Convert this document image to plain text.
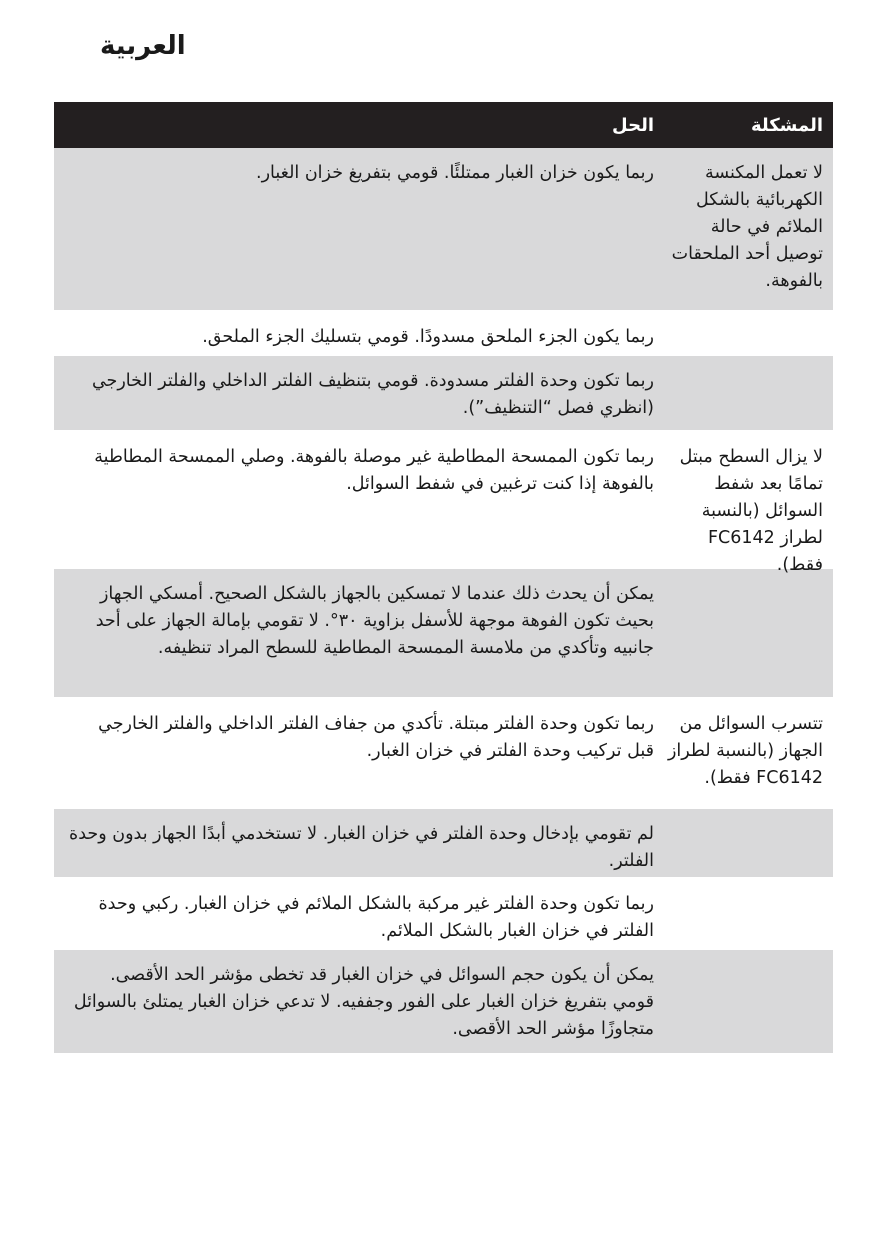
العربية
المشكلة
الحل
لا تعمل المكنسة الكهربائية بالشكل الملائم في حالة توصيل أحد الملحقات بالفوهة.
ربما يكون خزان الغبار ممتلئًا. قومي بتفريغ خزان الغبار.
ربما يكون الجزء الملحق مسدودًا. قومي بتسليك الجزء الملحق.
ربما تكون وحدة الفلتر مسدودة. قومي بتنظيف الفلتر الداخلي والفلتر الخارجي (انظري فصل “التنظيف”).
لا يزال السطح مبتل تمامًا بعد شفط السوائل (بالنسبة لطراز FC6142 فقط).
ربما تكون الممسحة المطاطية غير موصلة بالفوهة. وصلي الممسحة المطاطية بالفوهة إذا كنت ترغبين في شفط السوائل.
يمكن أن يحدث ذلك عندما لا تمسكين بالجهاز بالشكل الصحيح. أمسكي الجهاز بحيث تكون الفوهة موجهة للأسفل بزاوية ٣٠°. لا تقومي بإمالة الجهاز على أحد جانبيه وتأكدي من ملامسة الممسحة المطاطية للسطح المراد تنظيفه.
تتسرب السوائل من الجهاز (بالنسبة لطراز FC6142 فقط).
ربما تكون وحدة الفلتر مبتلة. تأكدي من جفاف الفلتر الداخلي والفلتر الخارجي قبل تركيب وحدة الفلتر في خزان الغبار.
لم تقومي بإدخال وحدة الفلتر في خزان الغبار. لا تستخدمي أبدًا الجهاز بدون وحدة الفلتر.
ربما تكون وحدة الفلتر غير مركبة بالشكل الملائم في خزان الغبار. ركبي وحدة الفلتر في خزان الغبار بالشكل الملائم.
يمكن أن يكون حجم السوائل في خزان الغبار قد تخطى مؤشر الحد الأقصى. قومي بتفريغ خزان الغبار على الفور وجففيه. لا تدعي خزان الغبار يمتلئ بالسوائل متجاوزًا مؤشر الحد الأقصى.
